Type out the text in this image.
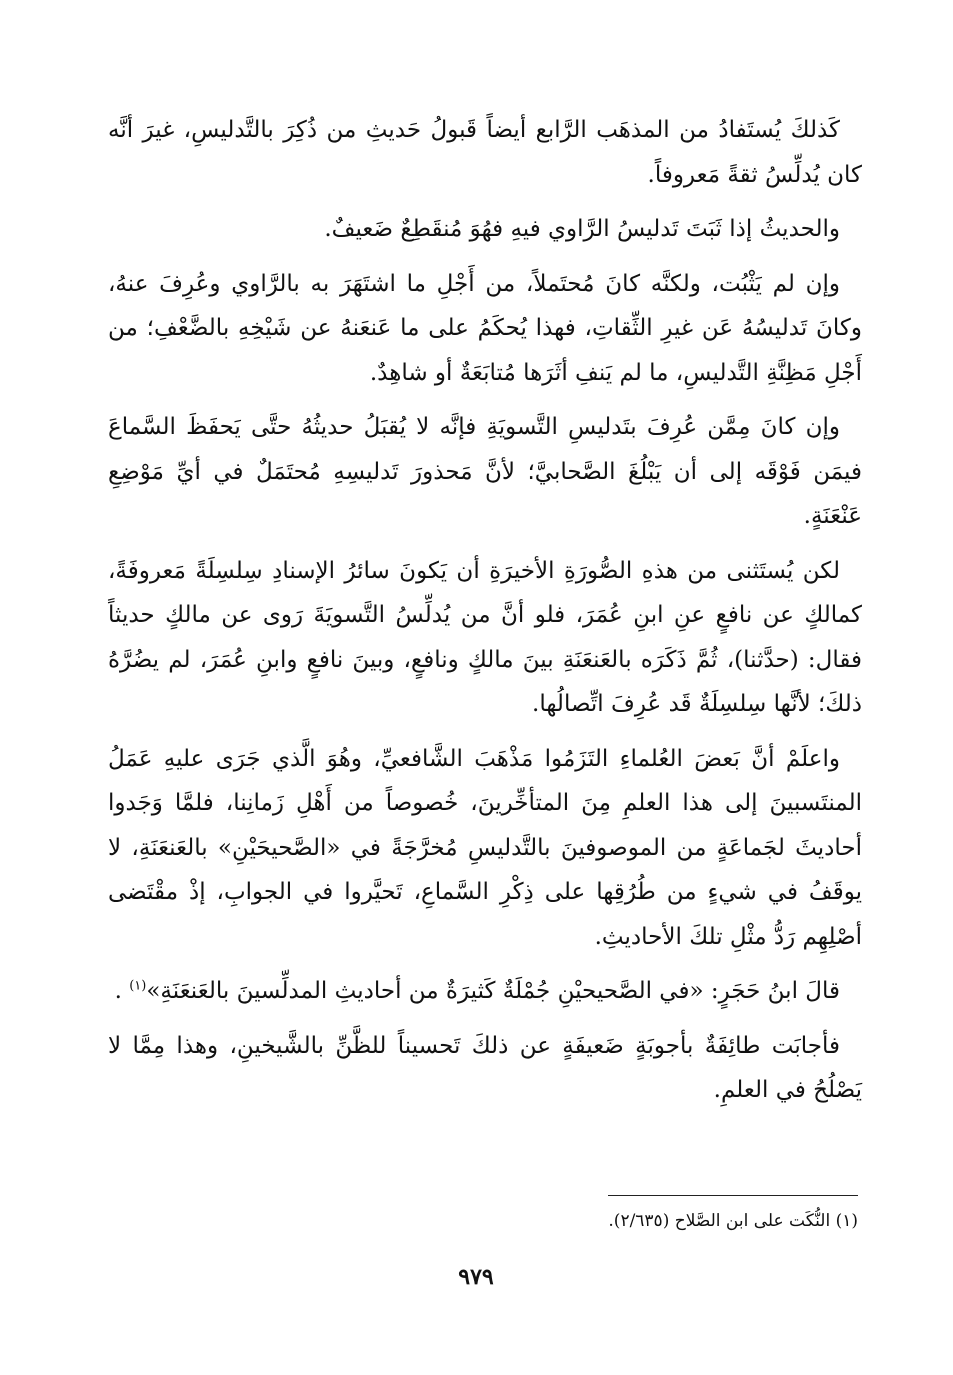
كَذلكَ يُستَفادُ من المذهَب الرَّابع أيضاً قَبولُ حَديثِ من ذُكِرَ بالتَّدليسِ، غيرَ أنَّه كان يُدلِّسُ ثقةً مَعروفاً.

والحديثُ إذا ثَبَتَ تَدليسُ الرَّاوي فيهِ فهُوَ مُنقَطِعٌ ضَعيفٌ.

وإن لم يَثْبُت، ولكنَّه كانَ مُحتَملاً، من أَجْلِ ما اشتَهَرَ به بالرَّاوي وعُرِفَ عنهُ، وكانَ تَدليسُهُ عَن غيرِ الثِّقاتِ، فهذا يُحكَمُ على ما عَنعَنهُ عن شَيْخِهِ بالضَّعْفِ؛ من أَجْلِ مَظِنَّةِ التَّدليسِ، ما لم يَنفِ أثَرَها مُتابَعَةٌ أو شاهِدٌ.

وإن كانَ مِمَّن عُرِفَ بتَدليسِ التَّسويَةِ فإنَّه لا يُقبَلُ حديثُهُ حتَّى يَحفَظَ السَّماعَ فيمَن فَوْقَه إلى أن يَبْلُغَ الصَّحابيَّ؛ لأنَّ مَحذورَ تَدليسِهِ مُحتَمَلٌ في أيِّ مَوْضِعِ عَنْعَنَةٍ.

لكن يُستَثنى من هذهِ الصُّورَةِ الأخيرَةِ أن يَكونَ سائرُ الإسنادِ سِلسِلَةً مَعروفَةً، كمالكٍ عن نافعٍ عنِ ابنِ عُمَرَ، فلو أنَّ من يُدلِّسُ التَّسويَةَ رَوى عن مالكٍ حديثاً فقال: (حدَّثنا)، ثُمَّ ذَكَرَه بالعَنعَنَةِ بينَ مالكٍ ونافعٍ، وبينَ نافعٍ وابنِ عُمَرَ، لم يضُرَّهُ ذلكَ؛ لأنَّها سِلسِلَةٌ قَد عُرِفَ اتِّصالُها.

واعلَمْ أنَّ بَعضَ العُلماءِ التَزَمُوا مَذْهَبَ الشَّافعيِّ، وهُوَ الَّذي جَرَى عليهِ عَمَلُ المنتَسبينَ إلى هذا العلمِ مِنَ المتأخِّرينَ، خُصوصاً من أَهْلِ زَمانِنا، فلمَّا وَجَدوا أحاديثَ لجَماعَةٍ من الموصوفينَ بالتَّدليسِ مُخرَّجَةً في «الصَّحيحَيْنِ» بالعَنعَنَةِ، لا يوقَفُ في شيءٍ من طُرُقِها على ذِكْرِ السَّماعِ، تَحيَّروا في الجوابِ، إذْ مقْتَضى أصْلِهِم رَدُّ مثْلِ تلكَ الأحاديثِ.

قالَ ابنُ حَجَرٍ: «في الصَّحيحيْنِ جُمْلَةٌ كَثيرَةٌ من أحاديثِ المدلِّسينَ بالعَنعَنَةِ»$^{(١)}$ .

فأجابَت طائِفَةٌ بأجوبَةٍ ضَعيفَةٍ عن ذلكَ تَحسيناً للظَّنِّ بالشَّيخينِ، وهذا مِمَّا لا يَصْلُحُ في العلمِ.

(١) النُّكَت على ابن الصَّلاح (٢/٦٣٥).
٩٧٩
